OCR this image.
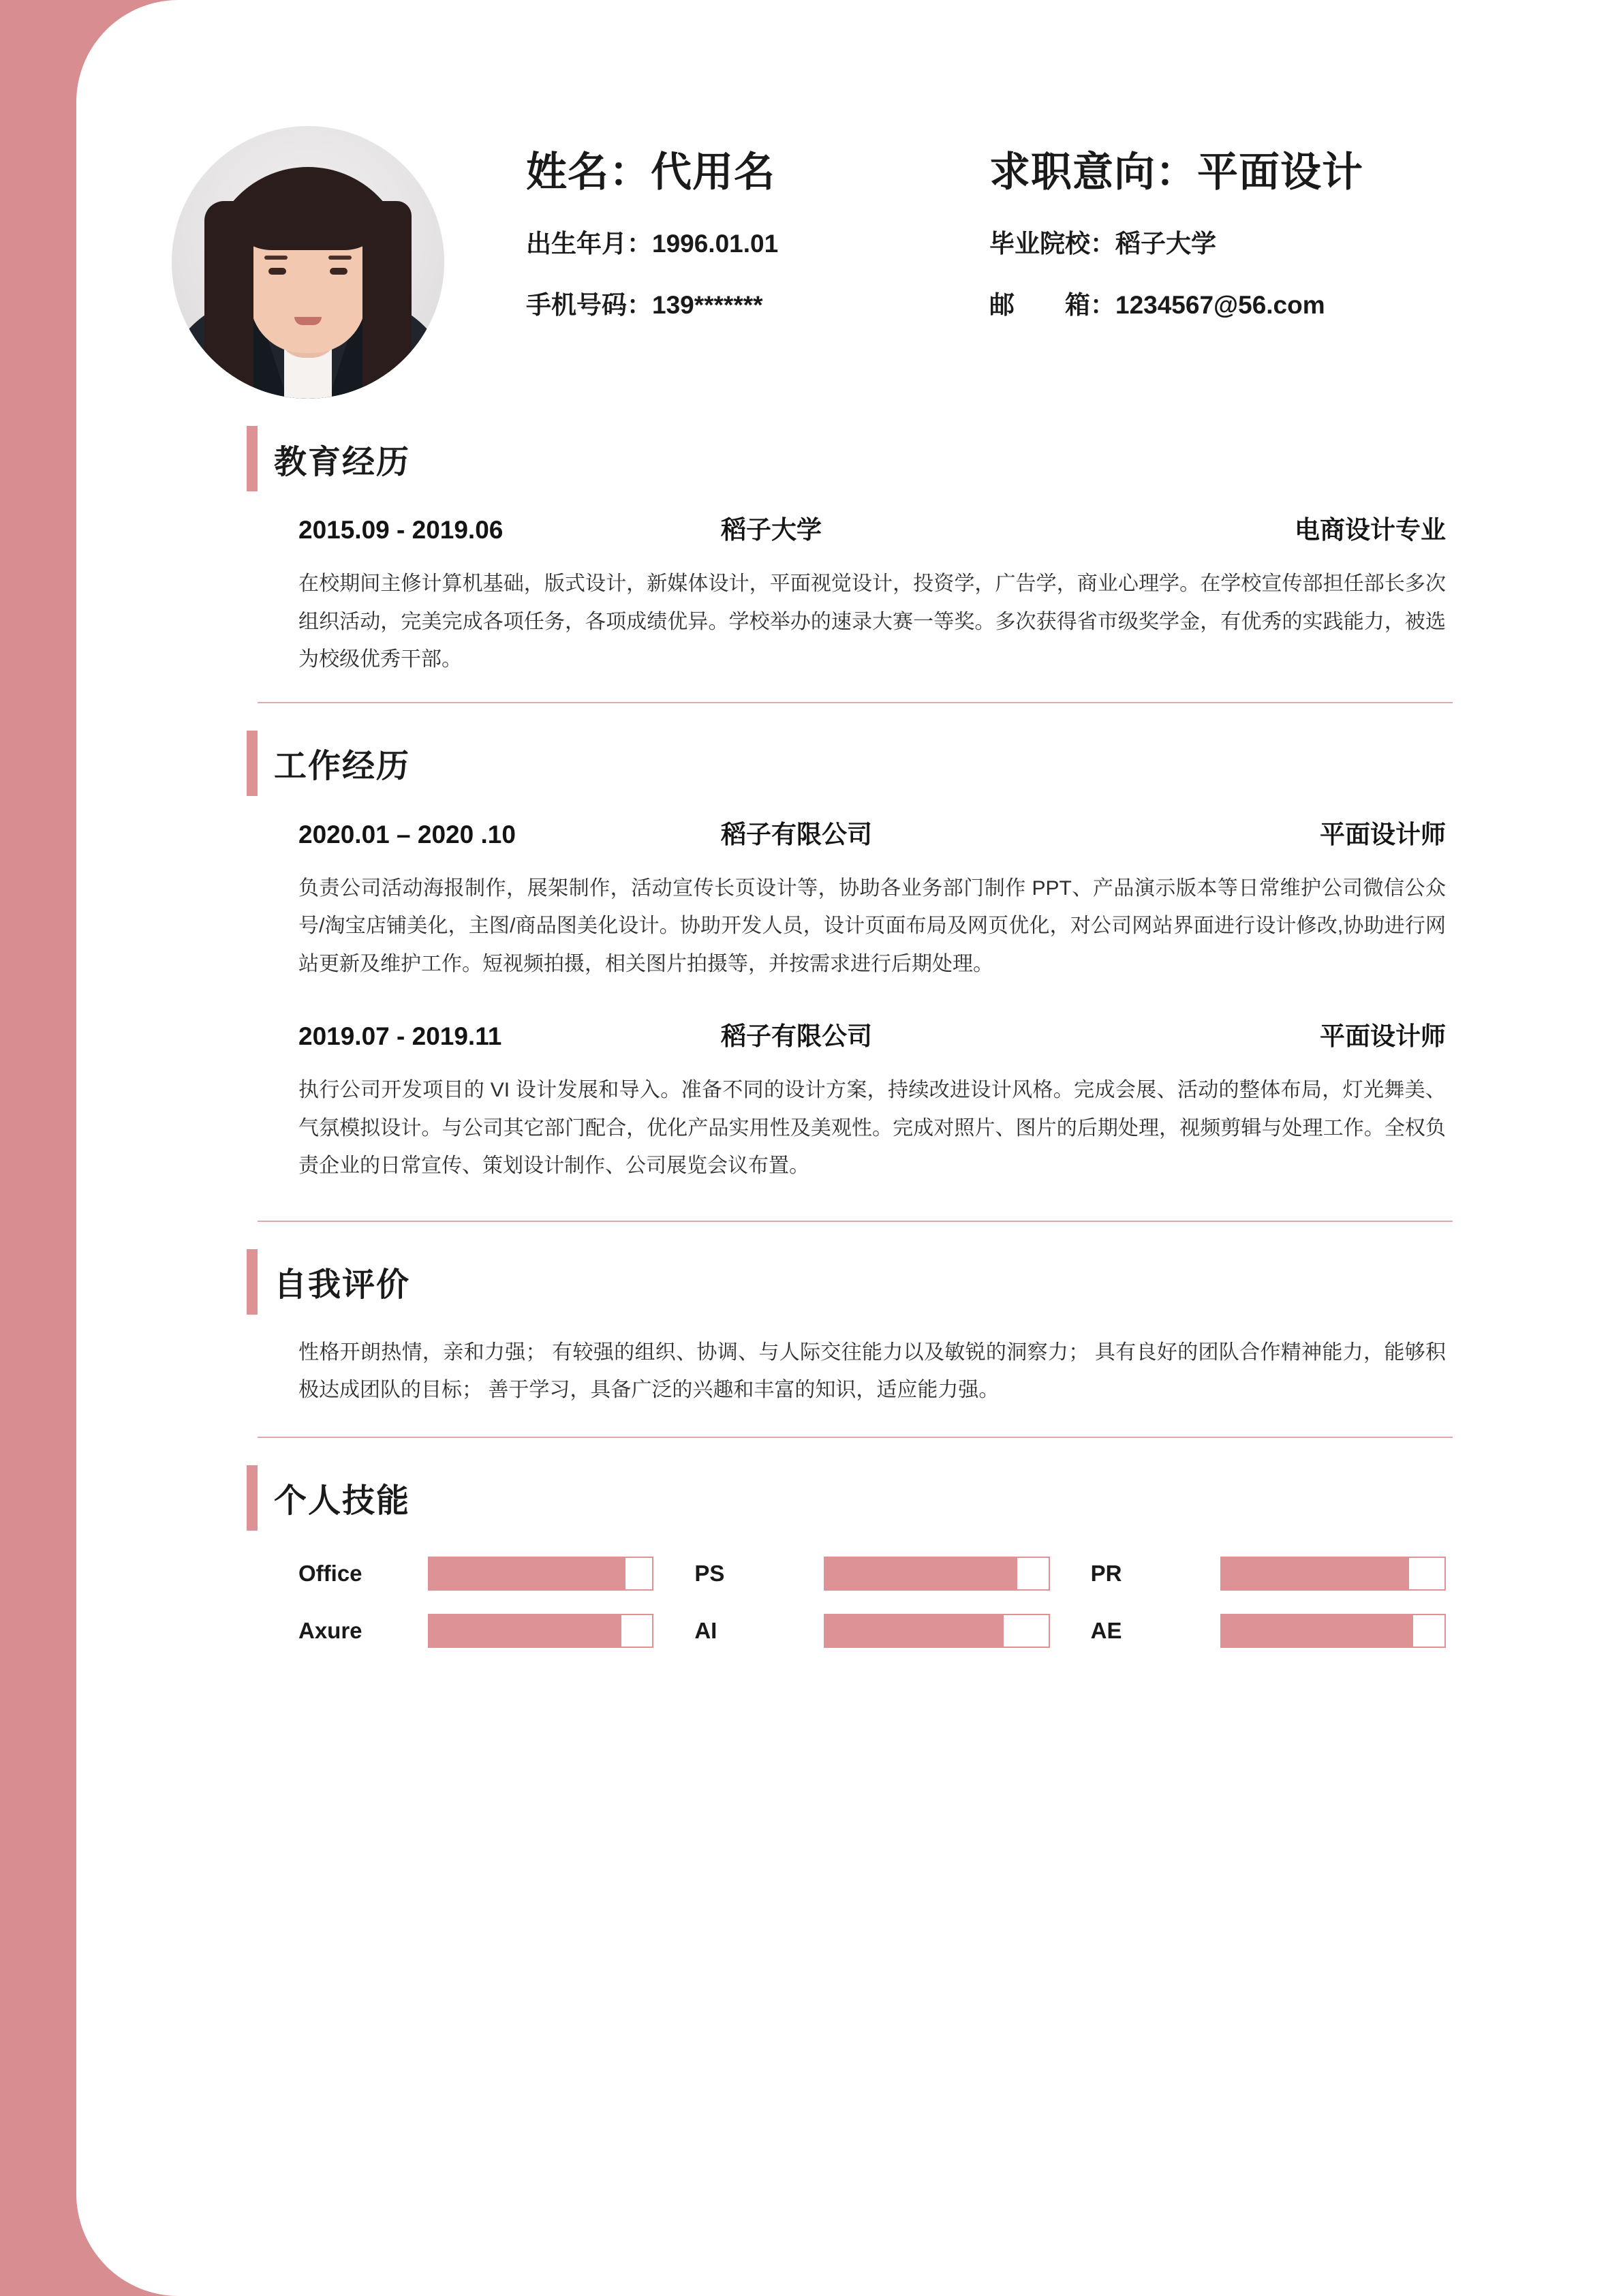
姓名：代用名	求职意向：平面设计
出生年月：1996.01.01	毕业院校：稻子大学
手机号码：139*******	邮　　箱：1234567@56.com
教育经历
2015.09 - 2019.06	稻子大学	电商设计专业
在校期间主修计算机基础，版式设计，新媒体设计，平面视觉设计，投资学，广告学，商业心理学。在学校宣传部担任部长多次组织活动，完美完成各项任务，各项成绩优异。学校举办的速录大赛一等奖。多次获得省市级奖学金，有优秀的实践能力，被选为校级优秀干部。
工作经历
2020.01 – 2020 .10	稻子有限公司	平面设计师
负责公司活动海报制作，展架制作，活动宣传长页设计等，协助各业务部门制作 PPT、产品演示版本等日常维护公司微信公众号/淘宝店铺美化，主图/商品图美化设计。协助开发人员，设计页面布局及网页优化，对公司网站界面进行设计修改,协助进行网站更新及维护工作。短视频拍摄，相关图片拍摄等，并按需求进行后期处理。
2019.07 - 2019.11	稻子有限公司	平面设计师
执行公司开发项目的 VI 设计发展和导入。准备不同的设计方案，持续改进设计风格。完成会展、活动的整体布局，灯光舞美、气氛模拟设计。与公司其它部门配合，优化产品实用性及美观性。完成对照片、图片的后期处理，视频剪辑与处理工作。全权负责企业的日常宣传、策划设计制作、公司展览会议布置。
自我评价
性格开朗热情，亲和力强； 有较强的组织、协调、与人际交往能力以及敏锐的洞察力； 具有良好的团队合作精神能力，能够积极达成团队的目标； 善于学习，具备广泛的兴趣和丰富的知识，适应能力强。
个人技能
Office	PS	PR
Axure	AI	AE
